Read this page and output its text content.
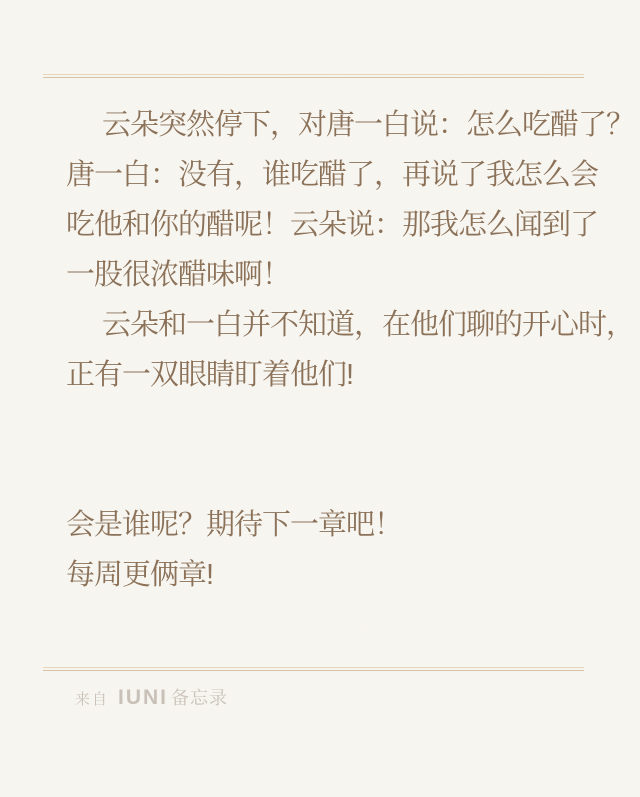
云朵突然停下，对唐一白说：怎么吃醋了？
唐一白：没有，谁吃醋了，再说了我怎么会
吃他和你的醋呢！云朵说：那我怎么闻到了
一股很浓醋味啊！
云朵和一白并不知道，在他们聊的开心时，
正有一双眼睛盯着他们!

会是谁呢？期待下一章吧！
每周更俩章!
来自 IUNI 备忘录
